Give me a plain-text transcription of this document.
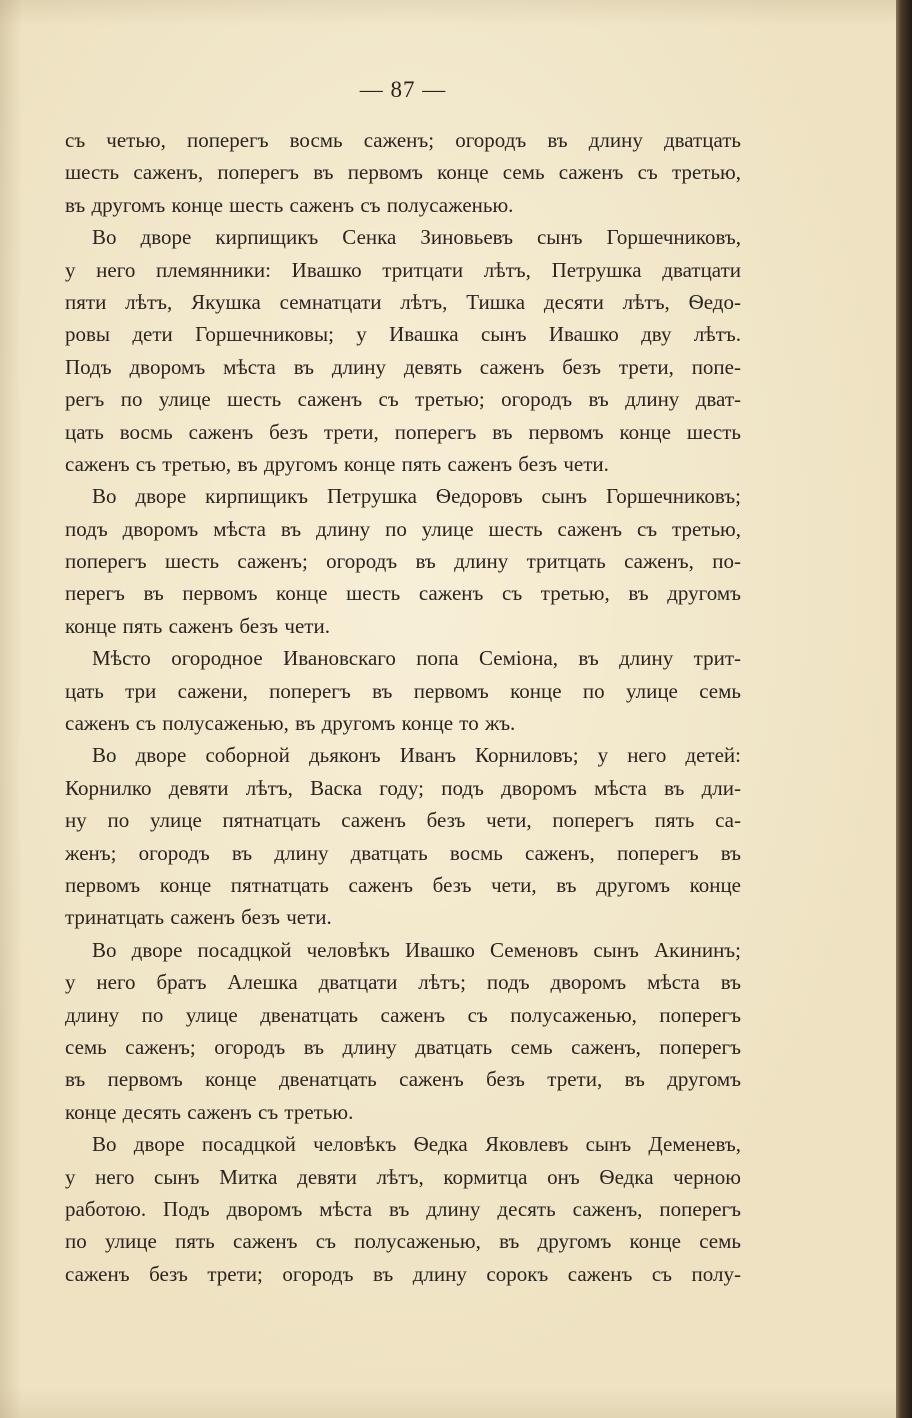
— 87 —
съ четью, поперегъ восмь саженъ; огородъ въ длину дватцать
шесть саженъ, поперегъ въ первомъ конце семь саженъ съ третью,
въ другомъ конце шесть саженъ съ полусаженью.
Во дворе кирпищикъ Сенка Зиновьевъ сынъ Горшечниковъ,
у него племянники: Ивашко тритцати лѣтъ, Петрушка дватцати
пяти лѣтъ, Якушка семнатцати лѣтъ, Тишка десяти лѣтъ, Ѳедо-
ровы дети Горшечниковы; у Ивашка сынъ Ивашко дву лѣтъ.
Подъ дворомъ мѣста въ длину девять саженъ безъ трети, попе-
регъ по улице шесть саженъ съ третью; огородъ въ длину дват-
цать восмь саженъ безъ трети, поперегъ въ первомъ конце шесть
саженъ съ третью, въ другомъ конце пять саженъ безъ чети.
Во дворе кирпищикъ Петрушка Ѳедоровъ сынъ Горшечниковъ;
подъ дворомъ мѣста въ длину по улице шесть саженъ съ третью,
поперегъ шесть саженъ; огородъ въ длину тритцать саженъ, по-
перегъ въ первомъ конце шесть саженъ съ третью, въ другомъ
конце пять саженъ безъ чети.
Мѣсто огородное Ивановскаго попа Семіона, въ длину трит-
цать три сажени, поперегъ въ первомъ конце по улице семь
саженъ съ полусаженью, въ другомъ конце то жъ.
Во дворе соборной дьяконъ Иванъ Корниловъ; у него детей:
Корнилко девяти лѣтъ, Васка году; подъ дворомъ мѣста въ дли-
ну по улице пятнатцать саженъ безъ чети, поперегъ пять са-
женъ; огородъ въ длину дватцать восмь саженъ, поперегъ въ
первомъ конце пятнатцать саженъ безъ чети, въ другомъ конце
тринатцать саженъ безъ чети.
Во дворе посадцкой человѣкъ Ивашко Семеновъ сынъ Акининъ;
у него братъ Алешка дватцати лѣтъ; подъ дворомъ мѣста въ
длину по улице двенатцать саженъ съ полусаженью, поперегъ
семь саженъ; огородъ въ длину дватцать семь саженъ, поперегъ
въ первомъ конце двенатцать саженъ безъ трети, въ другомъ
конце десять саженъ съ третью.
Во дворе посадцкой человѣкъ Ѳедка Яковлевъ сынъ Деменевъ,
у него сынъ Митка девяти лѣтъ, кормитца онъ Ѳедка черною
работою. Подъ дворомъ мѣста въ длину десять саженъ, поперегъ
по улице пять саженъ съ полусаженью, въ другомъ конце семь
саженъ безъ трети; огородъ въ длину сорокъ саженъ съ полу-
